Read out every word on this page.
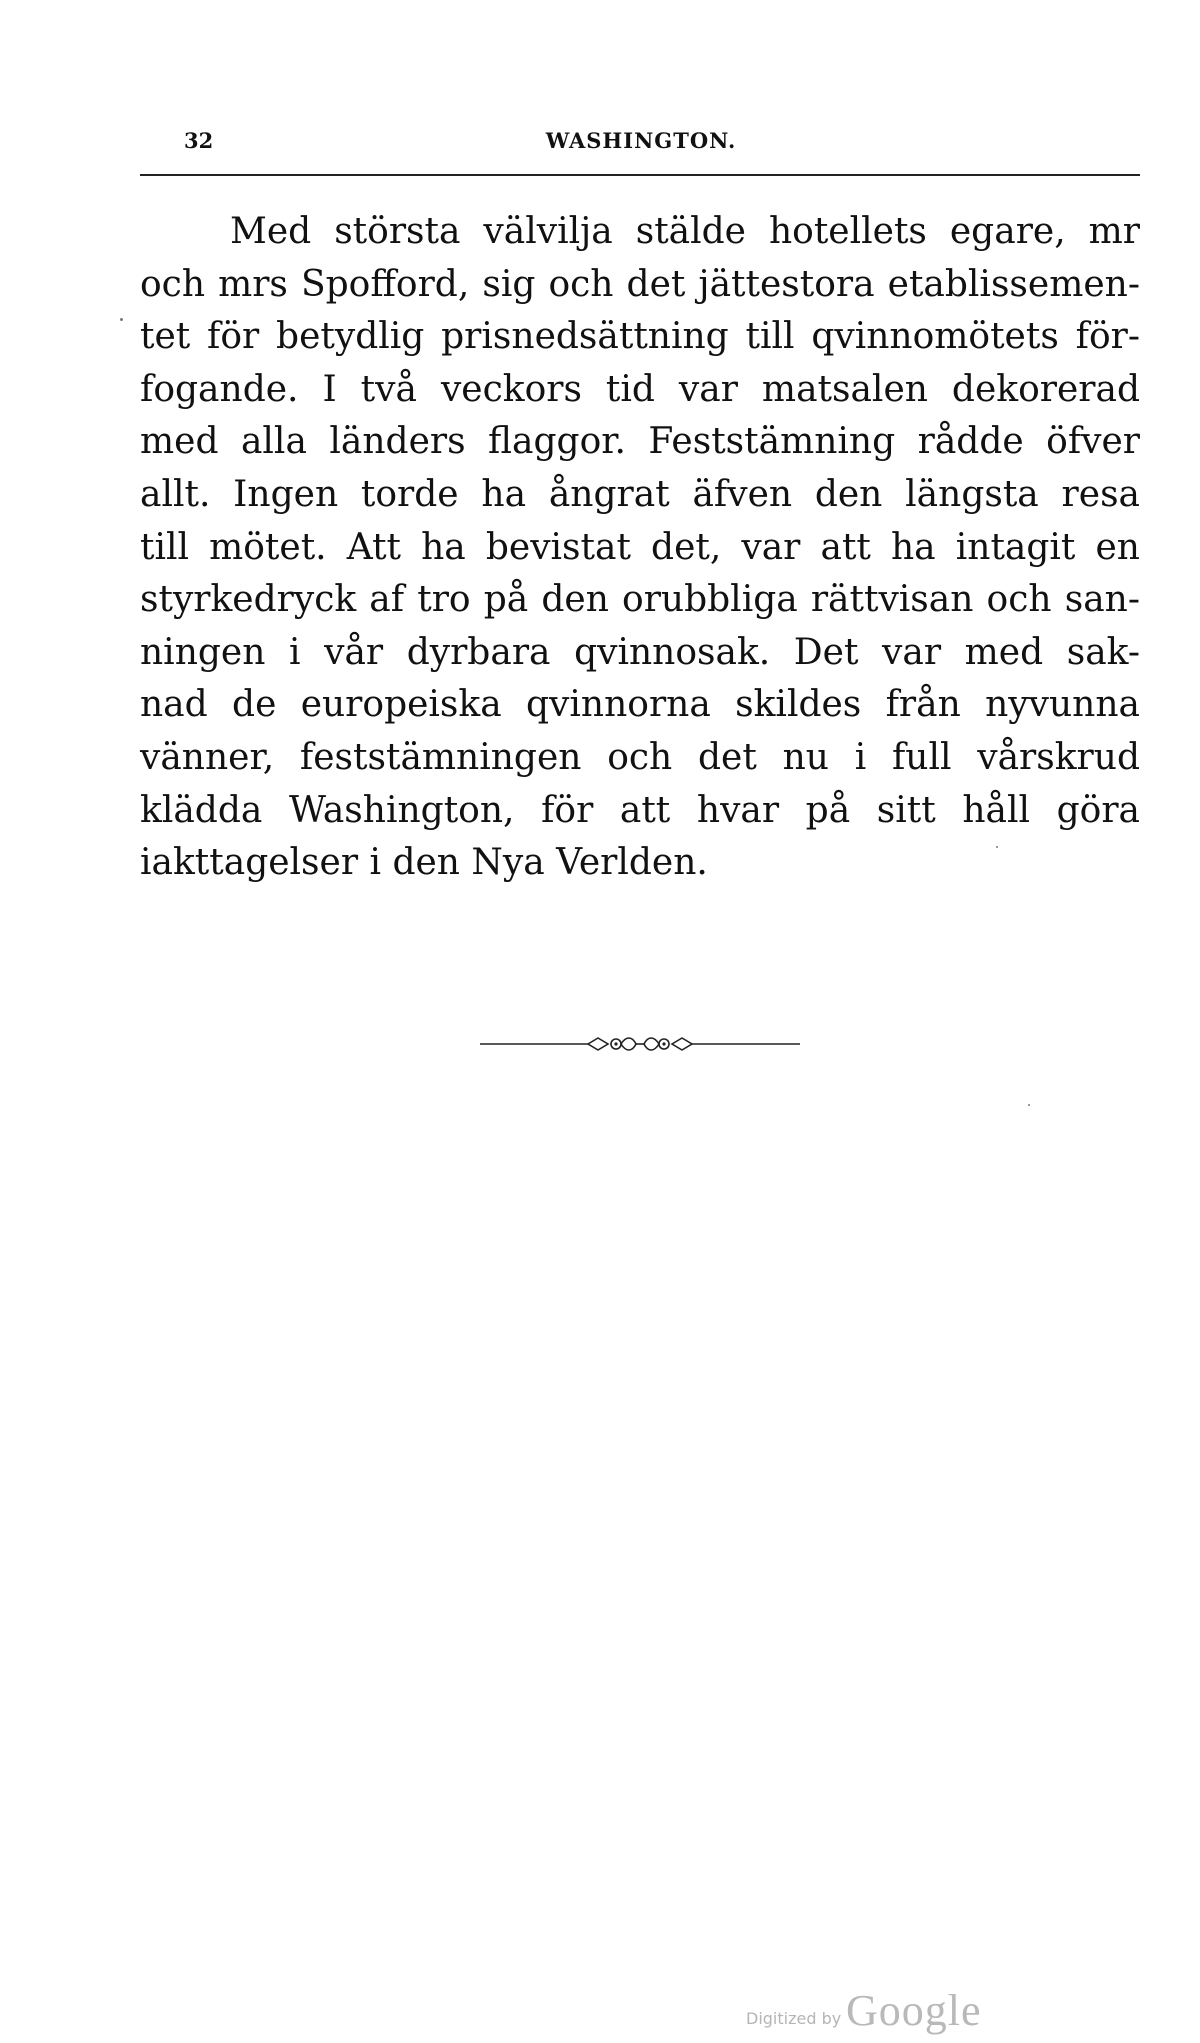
32	WASHINGTON.
Med största välvilja stälde hotellets egare, mr
och mrs Spofford, sig och det jättestora etablissemen-
tet för betydlig prisnedsättning till qvinnomötets för-
fogande. I två veckors tid var matsalen dekorerad
med alla länders flaggor. Feststämning rådde öfver
allt. Ingen torde ha ångrat äfven den längsta resa
till mötet. Att ha bevistat det, var att ha intagit en
styrkedryck af tro på den orubbliga rättvisan och san-
ningen i vår dyrbara qvinnosak. Det var med sak-
nad de europeiska qvinnorna skildes från nyvunna
vänner, feststämningen och det nu i full vårskrud
klädda Washington, för att hvar på sitt håll göra
iakttagelser i den Nya Verlden.
Digitized by Google
